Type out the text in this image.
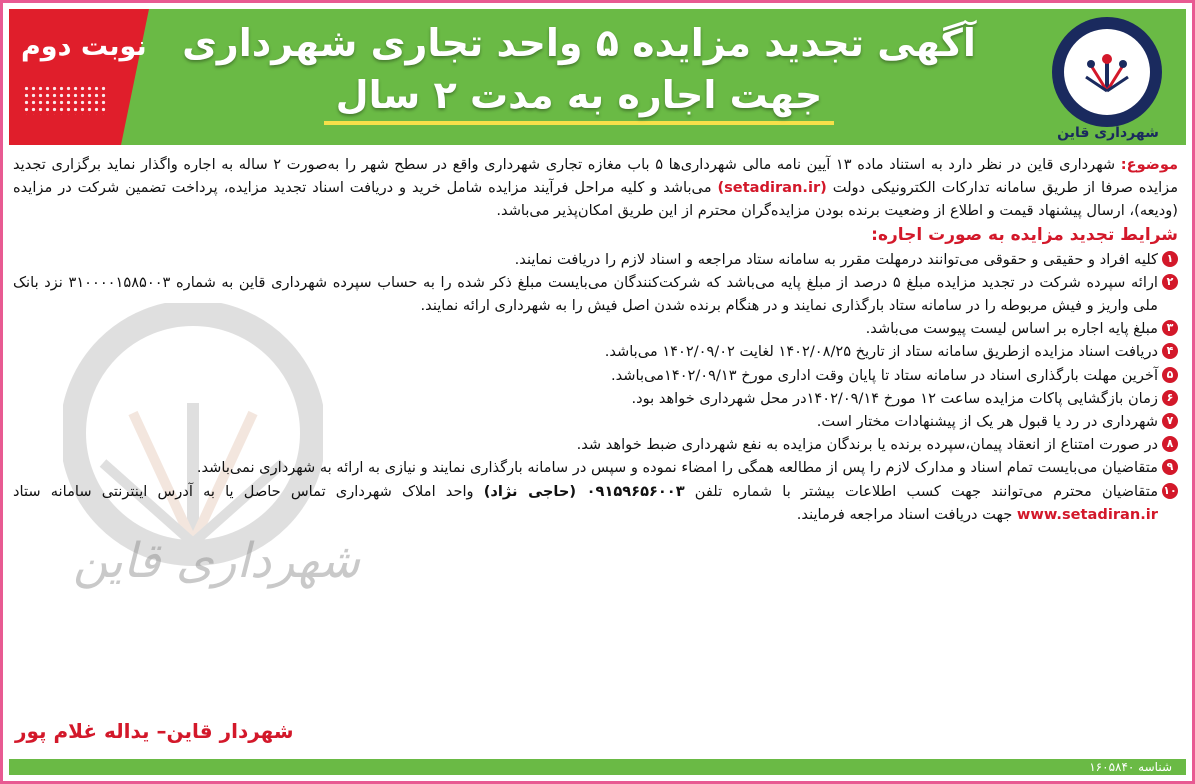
نوبت دوم آگهی تجدید مزایده ۵ واحد تجاری شهرداری
جهت اجاره به مدت ۲ سال
شهرداری قاین
شهرداری قاین

موضوع: شهرداری قاین در نظر دارد به استناد ماده ۱۳ آیین نامه مالی شهرداری‌ها ۵ باب مغازه تجاری شهرداری واقع در سطح شهر را به‌صورت ۲ ساله به اجاره واگذار نماید برگزاری تجدید مزایده صرفا از طریق سامانه تدارکات الکترونیکی دولت (setadiran.ir) می‌باشد و کلیه مراحل فرآیند مزایده شامل خرید و دریافت اسناد تجدید مزایده، پرداخت تضمین شرکت در مزایده (ودیعه)، ارسال پیشنهاد قیمت و اطلاع از وضعیت برنده بودن مزایده‌گران محترم از این طریق امکان‌پذیر می‌باشد.

شرایط تجدید مزایده به صورت اجاره:

۱
کلیه افراد و حقیقی و حقوقی می‌توانند درمهلت مقرر به سامانه ستاد مراجعه و اسناد لازم را دریافت نمایند.

۲
ارائه سپرده شرکت در تجدید مزایده مبلغ ۵ درصد از مبلغ پایه می‌باشد که شرکت‌کنندگان می‌بایست مبلغ ذکر شده را به حساب سپرده شهرداری قاین به شماره ۳۱۰۰۰۰۱۵۸۵۰۰۳ نزد بانک ملی واریز و فیش مربوطه را در سامانه ستاد بارگذاری نمایند و در هنگام برنده شدن اصل فیش را به شهرداری ارائه نمایند.

۳
مبلغ پایه اجاره بر اساس لیست پیوست می‌باشد.

۴
دریافت اسناد مزایده ازطریق سامانه ستاد از تاریخ ۱۴۰۲/۰۸/۲۵ لغایت ۱۴۰۲/۰۹/۰۲ می‌باشد.

۵
آخرین مهلت بارگذاری اسناد در سامانه ستاد تا پایان وقت اداری مورخ ۱۴۰۲/۰۹/۱۳می‌باشد.

۶
زمان بازگشایی پاکات مزایده ساعت ۱۲ مورخ ۱۴۰۲/۰۹/۱۴در محل شهرداری خواهد بود.

۷
شهرداری در رد یا قبول هر یک از پیشنهادات مختار است.

۸
در صورت امتناع از انعقاد پیمان،سپرده برنده یا برندگان مزایده به نفع شهرداری ضبط خواهد شد.

۹
متقاضیان می‌بایست تمام اسناد و مدارک لازم را پس از مطالعه همگی را امضاء نموده و سپس در سامانه بارگذاری نمایند و نیازی به ارائه به شهرداری نمی‌باشد.

۱۰
متقاضیان محترم می‌توانند جهت کسب اطلاعات بیشتر با شماره تلفن ۰۹۱۵۹۶۵۶۰۰۳ (حاجی نژاد) واحد املاک شهرداری تماس حاصل یا به آدرس اینترنتی سامانه ستاد www.setadiran.ir جهت دریافت اسناد مراجعه فرمایند.

شهردار قاین– یداله غلام پور
شناسه ۱۶۰۵۸۴۰
